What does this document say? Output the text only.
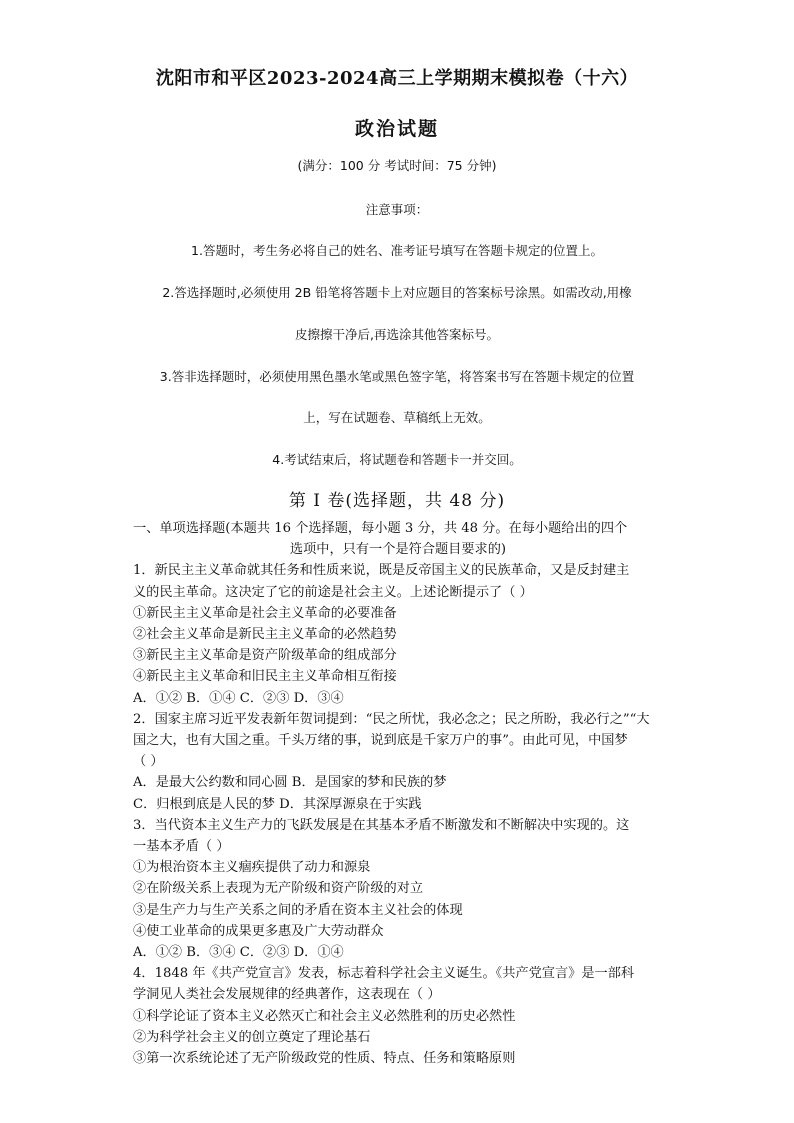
沈阳市和平区2023-2024高三上学期期末模拟卷（十六）
政治试题
(满分：100 分 考试时间：75 分钟)
注意事项：
1.答题时，考生务必将自己的姓名、准考证号填写在答题卡规定的位置上。
2.答选择题时,必须使用 2B 铅笔将答题卡上对应题目的答案标号涂黑。如需改动,用橡
皮擦擦干净后,再选涂其他答案标号。
3.答非选择题时，必须使用黑色墨水笔或黑色签字笔，将答案书写在答题卡规定的位置
上，写在试题卷、草稿纸上无效。
4.考试结束后，将试题卷和答题卡一并交回。
第 Ⅰ 卷(选择题，共 48 分)

一、单项选择题(本题共 16 个选择题，每小题 3 分，共 48 分。在每小题给出的四个

选项中，只有一个是符合题目要求的)

1．新民主主义革命就其任务和性质来说，既是反帝国主义的民族革命，又是反封建主

义的民主革命。这决定了它的前途是社会主义。上述论断提示了（ ）

①新民主主义革命是社会主义革命的必要准备

②社会主义革命是新民主主义革命的必然趋势

③新民主主义革命是资产阶级革命的组成部分

④新民主主义革命和旧民主主义革命相互衔接

A．①② B．①④ C．②③ D．③④

2．国家主席习近平发表新年贺词提到：“民之所忧，我必念之；民之所盼，我必行之”“大

国之大，也有大国之重。千头万绪的事，说到底是千家万户的事”。由此可见，中国梦

（ ）

A．是最大公约数和同心圆 B．是国家的梦和民族的梦

C．归根到底是人民的梦 D．其深厚源泉在于实践

3．当代资本主义生产力的飞跃发展是在其基本矛盾不断激发和不断解决中实现的。这

一基本矛盾（ ）

①为根治资本主义痼疾提供了动力和源泉

②在阶级关系上表现为无产阶级和资产阶级的对立

③是生产力与生产关系之间的矛盾在资本主义社会的体现

④使工业革命的成果更多惠及广大劳动群众

A．①② B．③④ C．②③ D．①④

4．1848 年《共产党宣言》发表，标志着科学社会主义诞生。《共产党宣言》是一部科

学洞见人类社会发展规律的经典著作，这表现在（ ）

①科学论证了资本主义必然灭亡和社会主义必然胜利的历史必然性

②为科学社会主义的创立奠定了理论基石

③第一次系统论述了无产阶级政党的性质、特点、任务和策略原则
